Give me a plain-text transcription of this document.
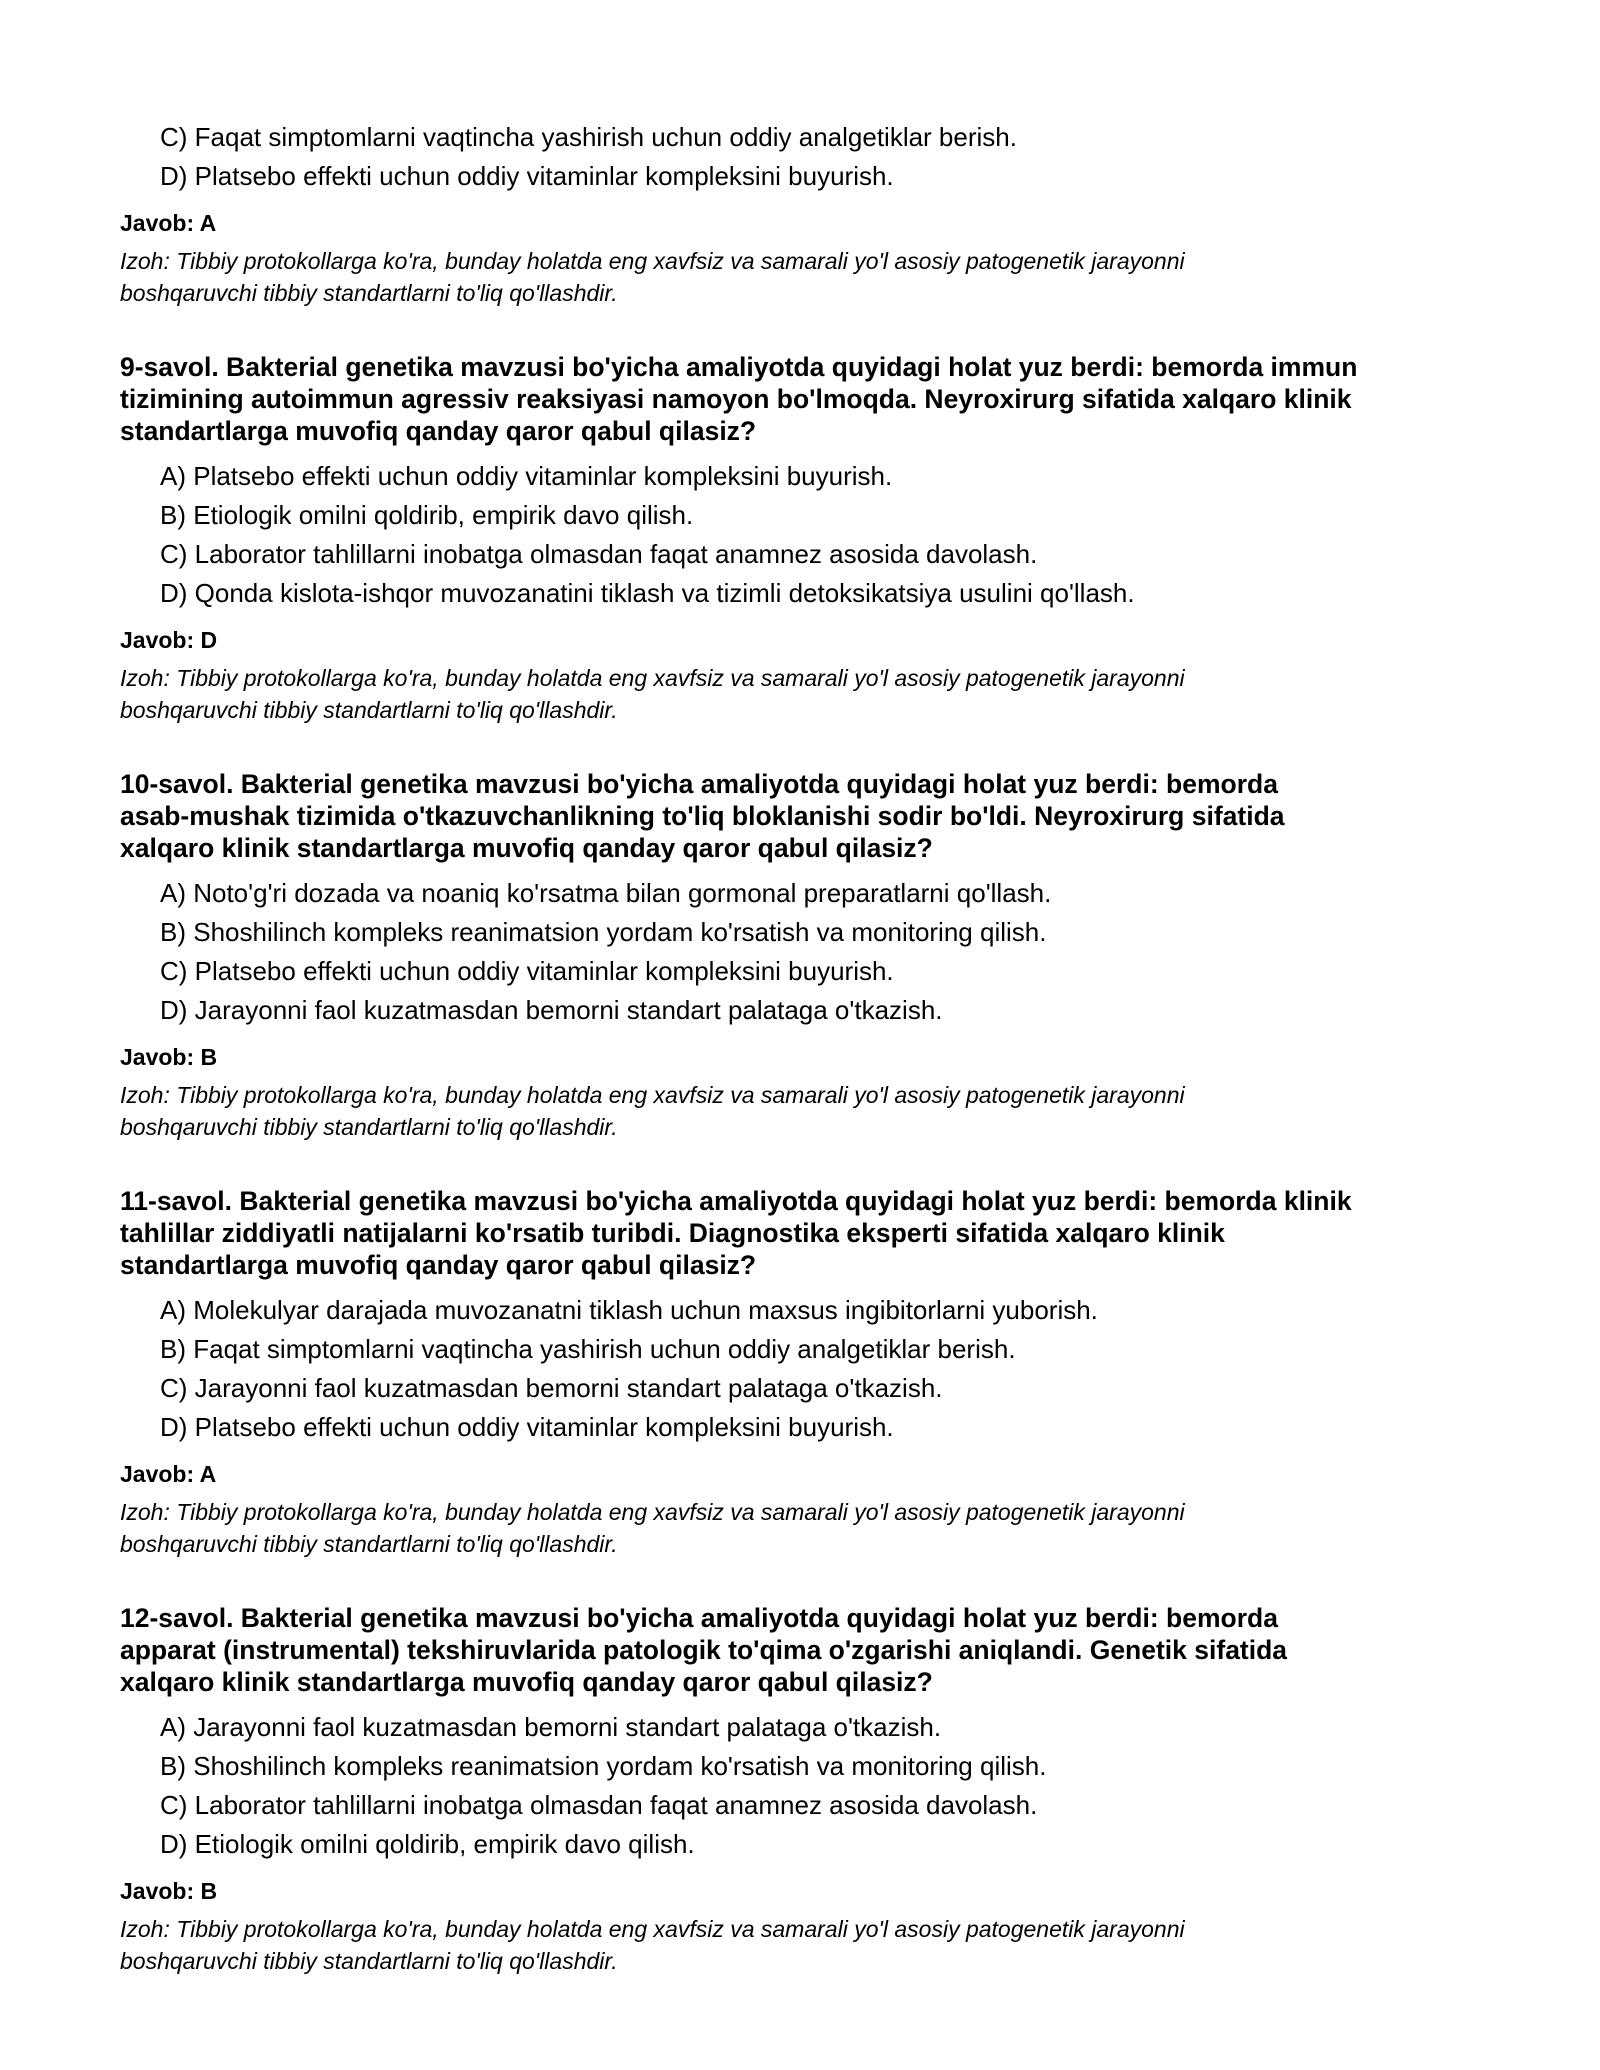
C) Faqat simptomlarni vaqtincha yashirish uchun oddiy analgetiklar berish.
D) Platsebo effekti uchun oddiy vitaminlar kompleksini buyurish.
Javob: A
Izoh: Tibbiy protokollarga ko'ra, bunday holatda eng xavfsiz va samarali yo'l asosiy patogenetik jarayonni
boshqaruvchi tibbiy standartlarni to'liq qo'llashdir.
9-savol. Bakterial genetika mavzusi bo'yicha amaliyotda quyidagi holat yuz berdi: bemorda immun
tizimining autoimmun agressiv reaksiyasi namoyon bo'lmoqda. Neyroxirurg sifatida xalqaro klinik
standartlarga muvofiq qanday qaror qabul qilasiz?
A) Platsebo effekti uchun oddiy vitaminlar kompleksini buyurish.
B) Etiologik omilni qoldirib, empirik davo qilish.
C) Laborator tahlillarni inobatga olmasdan faqat anamnez asosida davolash.
D) Qonda kislota-ishqor muvozanatini tiklash va tizimli detoksikatsiya usulini qo'llash.
Javob: D
Izoh: Tibbiy protokollarga ko'ra, bunday holatda eng xavfsiz va samarali yo'l asosiy patogenetik jarayonni
boshqaruvchi tibbiy standartlarni to'liq qo'llashdir.
10-savol. Bakterial genetika mavzusi bo'yicha amaliyotda quyidagi holat yuz berdi: bemorda
asab-mushak tizimida o'tkazuvchanlikning to'liq bloklanishi sodir bo'ldi. Neyroxirurg sifatida
xalqaro klinik standartlarga muvofiq qanday qaror qabul qilasiz?
A) Noto'g'ri dozada va noaniq ko'rsatma bilan gormonal preparatlarni qo'llash.
B) Shoshilinch kompleks reanimatsion yordam ko'rsatish va monitoring qilish.
C) Platsebo effekti uchun oddiy vitaminlar kompleksini buyurish.
D) Jarayonni faol kuzatmasdan bemorni standart palataga o'tkazish.
Javob: B
Izoh: Tibbiy protokollarga ko'ra, bunday holatda eng xavfsiz va samarali yo'l asosiy patogenetik jarayonni
boshqaruvchi tibbiy standartlarni to'liq qo'llashdir.
11-savol. Bakterial genetika mavzusi bo'yicha amaliyotda quyidagi holat yuz berdi: bemorda klinik
tahlillar ziddiyatli natijalarni ko'rsatib turibdi. Diagnostika eksperti sifatida xalqaro klinik
standartlarga muvofiq qanday qaror qabul qilasiz?
A) Molekulyar darajada muvozanatni tiklash uchun maxsus ingibitorlarni yuborish.
B) Faqat simptomlarni vaqtincha yashirish uchun oddiy analgetiklar berish.
C) Jarayonni faol kuzatmasdan bemorni standart palataga o'tkazish.
D) Platsebo effekti uchun oddiy vitaminlar kompleksini buyurish.
Javob: A
Izoh: Tibbiy protokollarga ko'ra, bunday holatda eng xavfsiz va samarali yo'l asosiy patogenetik jarayonni
boshqaruvchi tibbiy standartlarni to'liq qo'llashdir.
12-savol. Bakterial genetika mavzusi bo'yicha amaliyotda quyidagi holat yuz berdi: bemorda
apparat (instrumental) tekshiruvlarida patologik to'qima o'zgarishi aniqlandi. Genetik sifatida
xalqaro klinik standartlarga muvofiq qanday qaror qabul qilasiz?
A) Jarayonni faol kuzatmasdan bemorni standart palataga o'tkazish.
B) Shoshilinch kompleks reanimatsion yordam ko'rsatish va monitoring qilish.
C) Laborator tahlillarni inobatga olmasdan faqat anamnez asosida davolash.
D) Etiologik omilni qoldirib, empirik davo qilish.
Javob: B
Izoh: Tibbiy protokollarga ko'ra, bunday holatda eng xavfsiz va samarali yo'l asosiy patogenetik jarayonni
boshqaruvchi tibbiy standartlarni to'liq qo'llashdir.
